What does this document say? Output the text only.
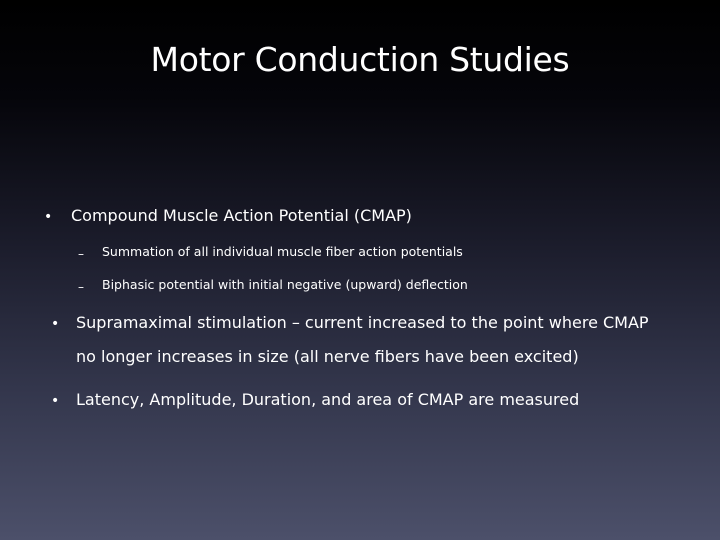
Motor Conduction Studies
• Compound Muscle Action Potential (CMAP)
– Summation of all individual muscle fiber action potentials
– Biphasic potential with initial negative (upward) deflection
• Supramaximal stimulation – current increased to the point where CMAP
no longer increases in size (all nerve fibers have been excited)
• Latency, Amplitude, Duration, and area of CMAP are measured
